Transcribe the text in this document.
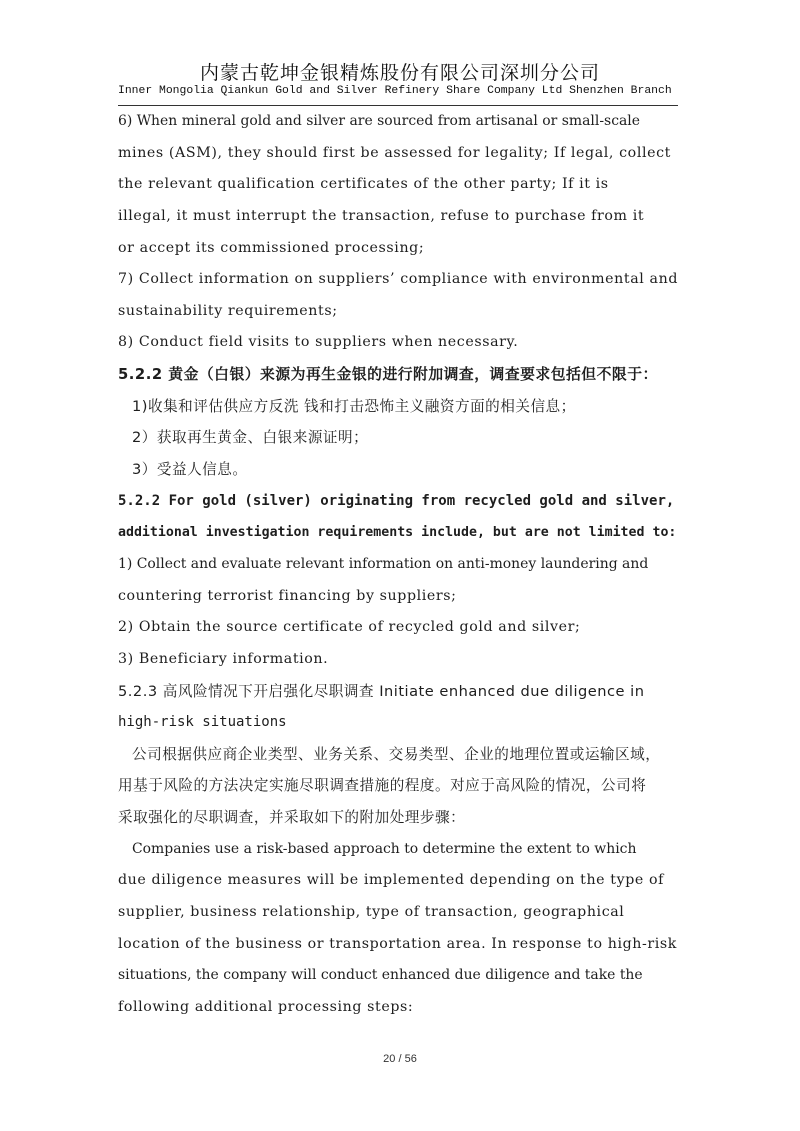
内蒙古乾坤金银精炼股份有限公司深圳分公司
Inner Mongolia Qiankun Gold and Silver Refinery Share Company Ltd Shenzhen Branch
6) When mineral gold and silver are sourced from artisanal or small-scale
mines (ASM), they should first be assessed for legality; If legal, collect
the relevant qualification certificates of the other party; If it is
illegal, it must interrupt the transaction, refuse to purchase from it
or accept its commissioned processing;
7) Collect information on suppliers’ compliance with environmental and
sustainability requirements;
8) Conduct field visits to suppliers when necessary.
5.2.2 黄金（白银）来源为再生金银的进行附加调查，调查要求包括但不限于：
1)收集和评估供应方反洗 钱和打击恐怖主义融资方面的相关信息；
2）获取再生黄金、白银来源证明；
3）受益人信息。
5.2.2 For gold (silver) originating from recycled gold and silver,
additional investigation requirements include, but are not limited to:
1) Collect and evaluate relevant information on anti-money laundering and
countering terrorist financing by suppliers;
2) Obtain the source certificate of recycled gold and silver;
3) Beneficiary information.
5.2.3 高风险情况下开启强化尽职调查 Initiate enhanced due diligence in
high-risk situations
公司根据供应商企业类型、业务关系、交易类型、企业的地理位置或运输区域，
用基于风险的方法决定实施尽职调查措施的程度。对应于高风险的情况，公司将
采取强化的尽职调查，并采取如下的附加处理步骤：
Companies use a risk-based approach to determine the extent to which
due diligence measures will be implemented depending on the type of
supplier, business relationship, type of transaction, geographical
location of the business or transportation area. In response to high-risk
situations, the company will conduct enhanced due diligence and take the
following additional processing steps:
20 / 56
